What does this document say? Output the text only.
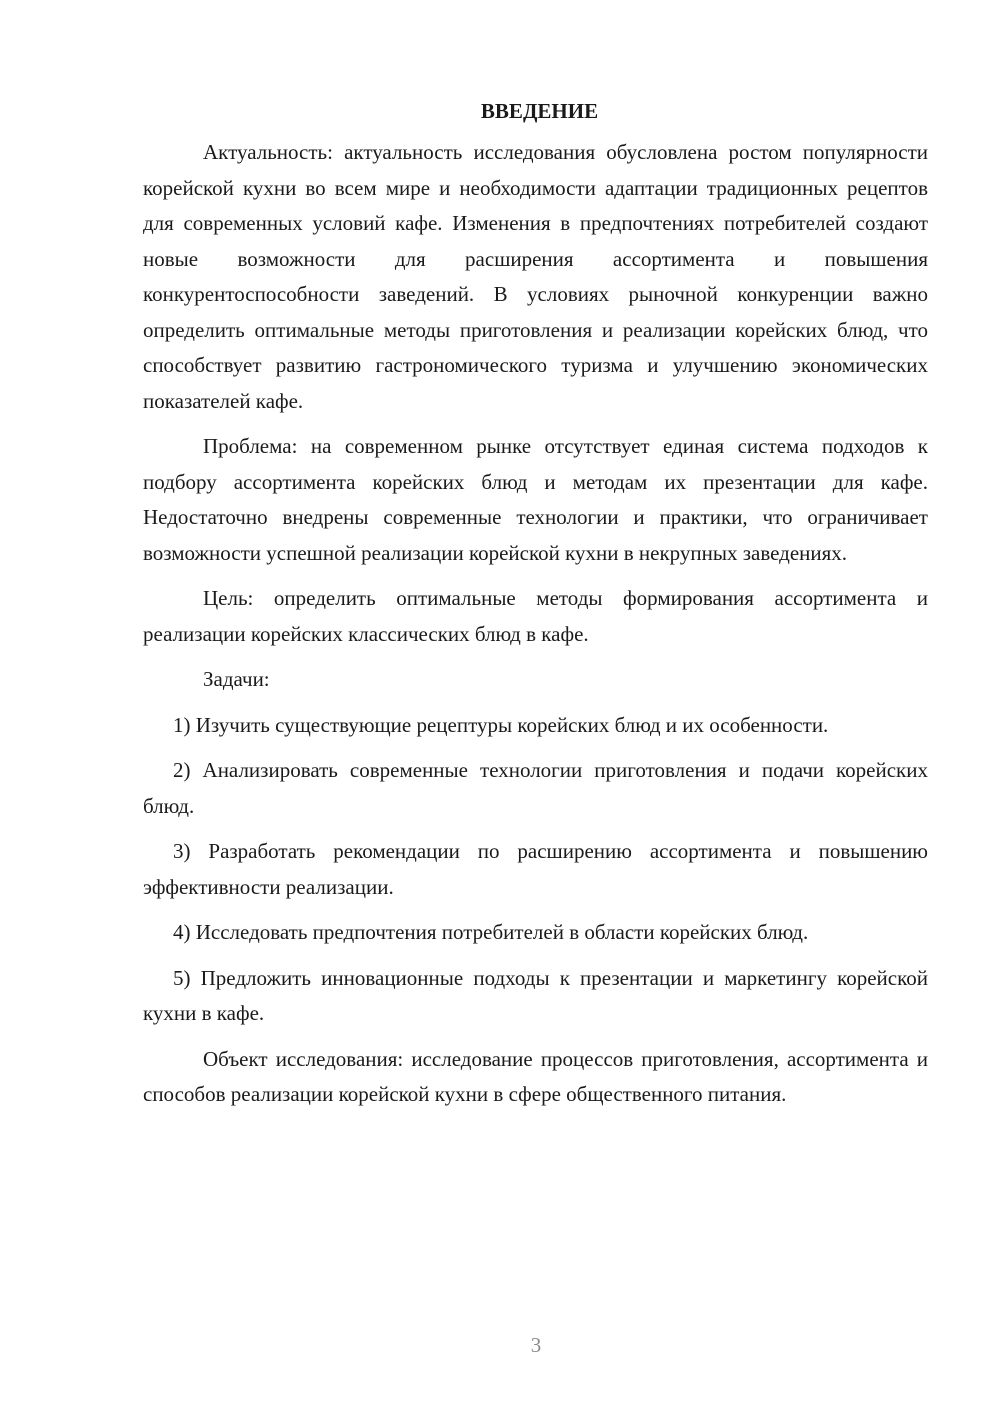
ВВЕДЕНИЕ

Актуальность: актуальность исследования обусловлена ростом популярности корейской кухни во всем мире и необходимости адаптации традиционных рецептов для современных условий кафе. Изменения в предпочтениях потребителей создают новые возможности для расширения ассортимента и повышения конкурентоспособности заведений. В условиях рыночной конкуренции важно определить оптимальные методы приготовления и реализации корейских блюд, что способствует развитию гастрономического туризма и улучшению экономических показателей кафе.

Проблема: на современном рынке отсутствует единая система подходов к подбору ассортимента корейских блюд и методам их презентации для кафе. Недостаточно внедрены современные технологии и практики, что ограничивает возможности успешной реализации корейской кухни в некрупных заведениях.

Цель: определить оптимальные методы формирования ассортимента и реализации корейских классических блюд в кафе.

Задачи:

1) Изучить существующие рецептуры корейских блюд и их особенности.

2) Анализировать современные технологии приготовления и подачи корейских блюд.

3) Разработать рекомендации по расширению ассортимента и повышению эффективности реализации.

4) Исследовать предпочтения потребителей в области корейских блюд.

5) Предложить инновационные подходы к презентации и маркетингу корейской кухни в кафе.

Объект исследования: исследование процессов приготовления, ассортимента и способов реализации корейской кухни в сфере общественного питания.

3
